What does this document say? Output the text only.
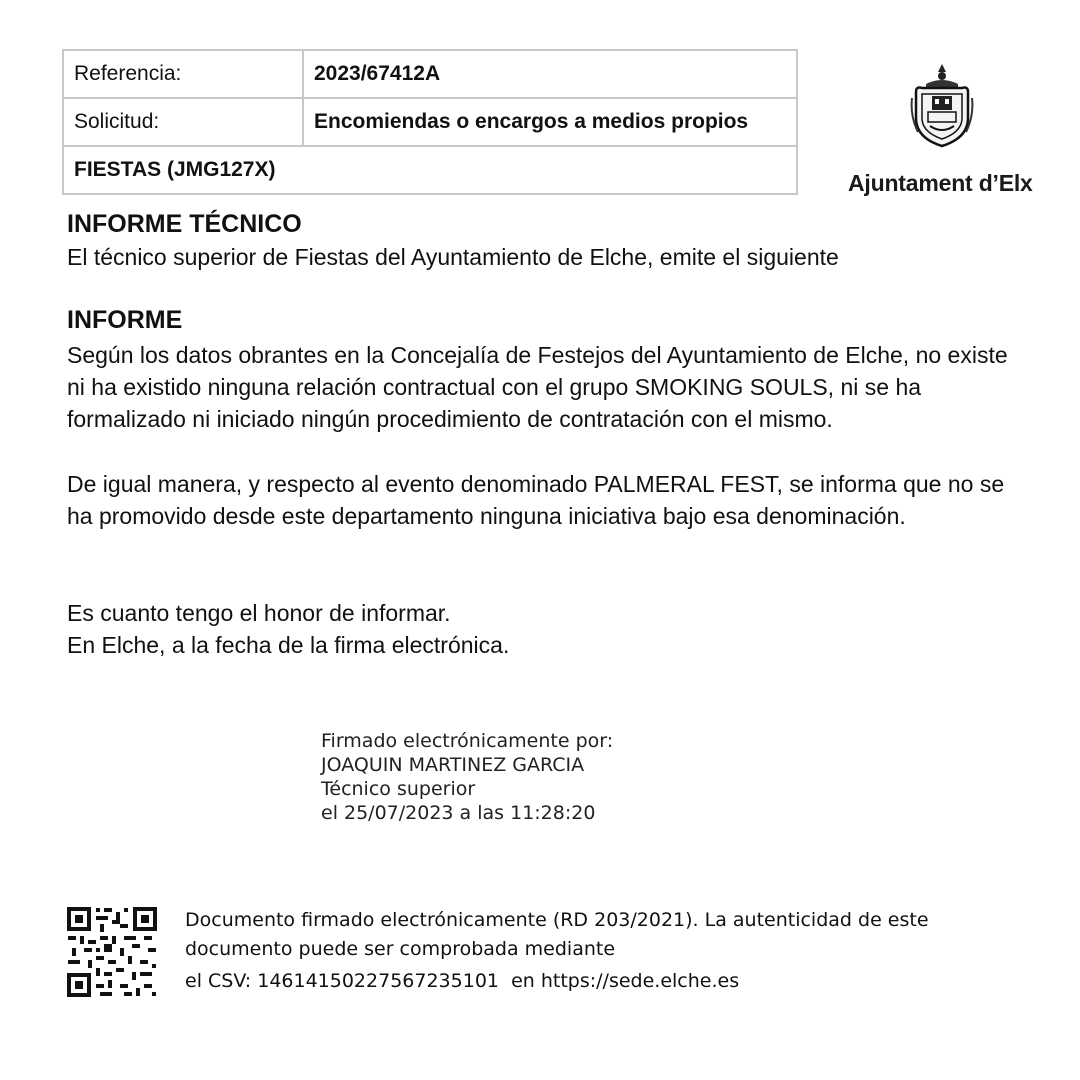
Referencia:	2023/67412A
Solicitud:	Encomiendas o encargos a medios propios
FIESTAS (JMG127X)	
Ajuntament d’Elx
INFORME TÉCNICO

El técnico superior de Fiestas del Ayuntamiento de Elche, emite el siguiente

INFORME

Según los datos obrantes en la Concejalía de Festejos del Ayuntamiento de Elche, no existe ni ha existido ninguna relación contractual con el grupo SMOKING SOULS, ni se ha formalizado ni iniciado ningún procedimiento de contratación con el mismo.

De igual manera, y respecto al evento denominado PALMERAL FEST, se informa que no se ha promovido desde este departamento ninguna iniciativa bajo esa denominación.

Es cuanto tengo el honor de informar.

En Elche, a la fecha de la firma electrónica.

Firmado electrónicamente por:
JOAQUIN MARTINEZ GARCIA
Técnico superior
el 25/07/2023 a las 11:28:20
Documento firmado electrónicamente (RD 203/2021). La autenticidad de este
documento puede ser comprobada mediante
el CSV: 14614150227567235101  en https://sede.elche.es
